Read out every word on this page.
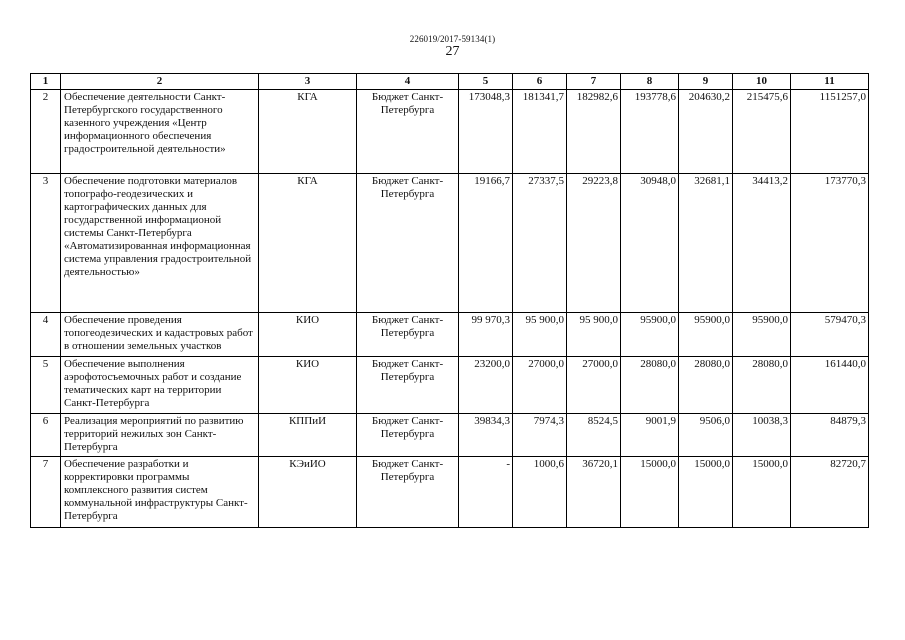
226019/2017-59134(1)
27
1	2	3	4	5	6	7	8	9	10	11
2	Обеспечение деятельности Санкт-Петербургского государственного казенного учреждения «Центр информационного обеспечения градостроительной деятельности»	КГА	Бюджет Санкт-Петербурга	173048,3	181341,7	182982,6	193778,6	204630,2	215475,6	1151257,0
3	Обеспечение подготовки материалов топографо-геодезических и картографических данных для государственной информационой системы Санкт-Петербурга «Автоматизированная информационная система управления градостроительной деятельностью»	КГА	Бюджет Санкт-Петербурга	19166,7	27337,5	29223,8	30948,0	32681,1	34413,2	173770,3
4	Обеспечение проведения топогеодезических и кадастровых работ в отношении земельных участков	КИО	Бюджет Санкт-Петербурга	99 970,3	95 900,0	95 900,0	95900,0	95900,0	95900,0	579470,3
5	Обеспечение выполнения аэрофотосъемочных работ и создание тематических карт на территории Санкт-Петербурга	КИО	Бюджет Санкт-Петербурга	23200,0	27000,0	27000,0	28080,0	28080,0	28080,0	161440,0
6	Реализация мероприятий по развитию территорий нежилых зон Санкт-Петербурга	КППиИ	Бюджет Санкт-Петербурга	39834,3	7974,3	8524,5	9001,9	9506,0	10038,3	84879,3
7	Обеспечение разработки и корректировки программы комплексного развития систем коммунальной инфраструктуры Санкт-Петербурга	КЭиИО	Бюджет Санкт-Петербурга	-	1000,6	36720,1	15000,0	15000,0	15000,0	82720,7
